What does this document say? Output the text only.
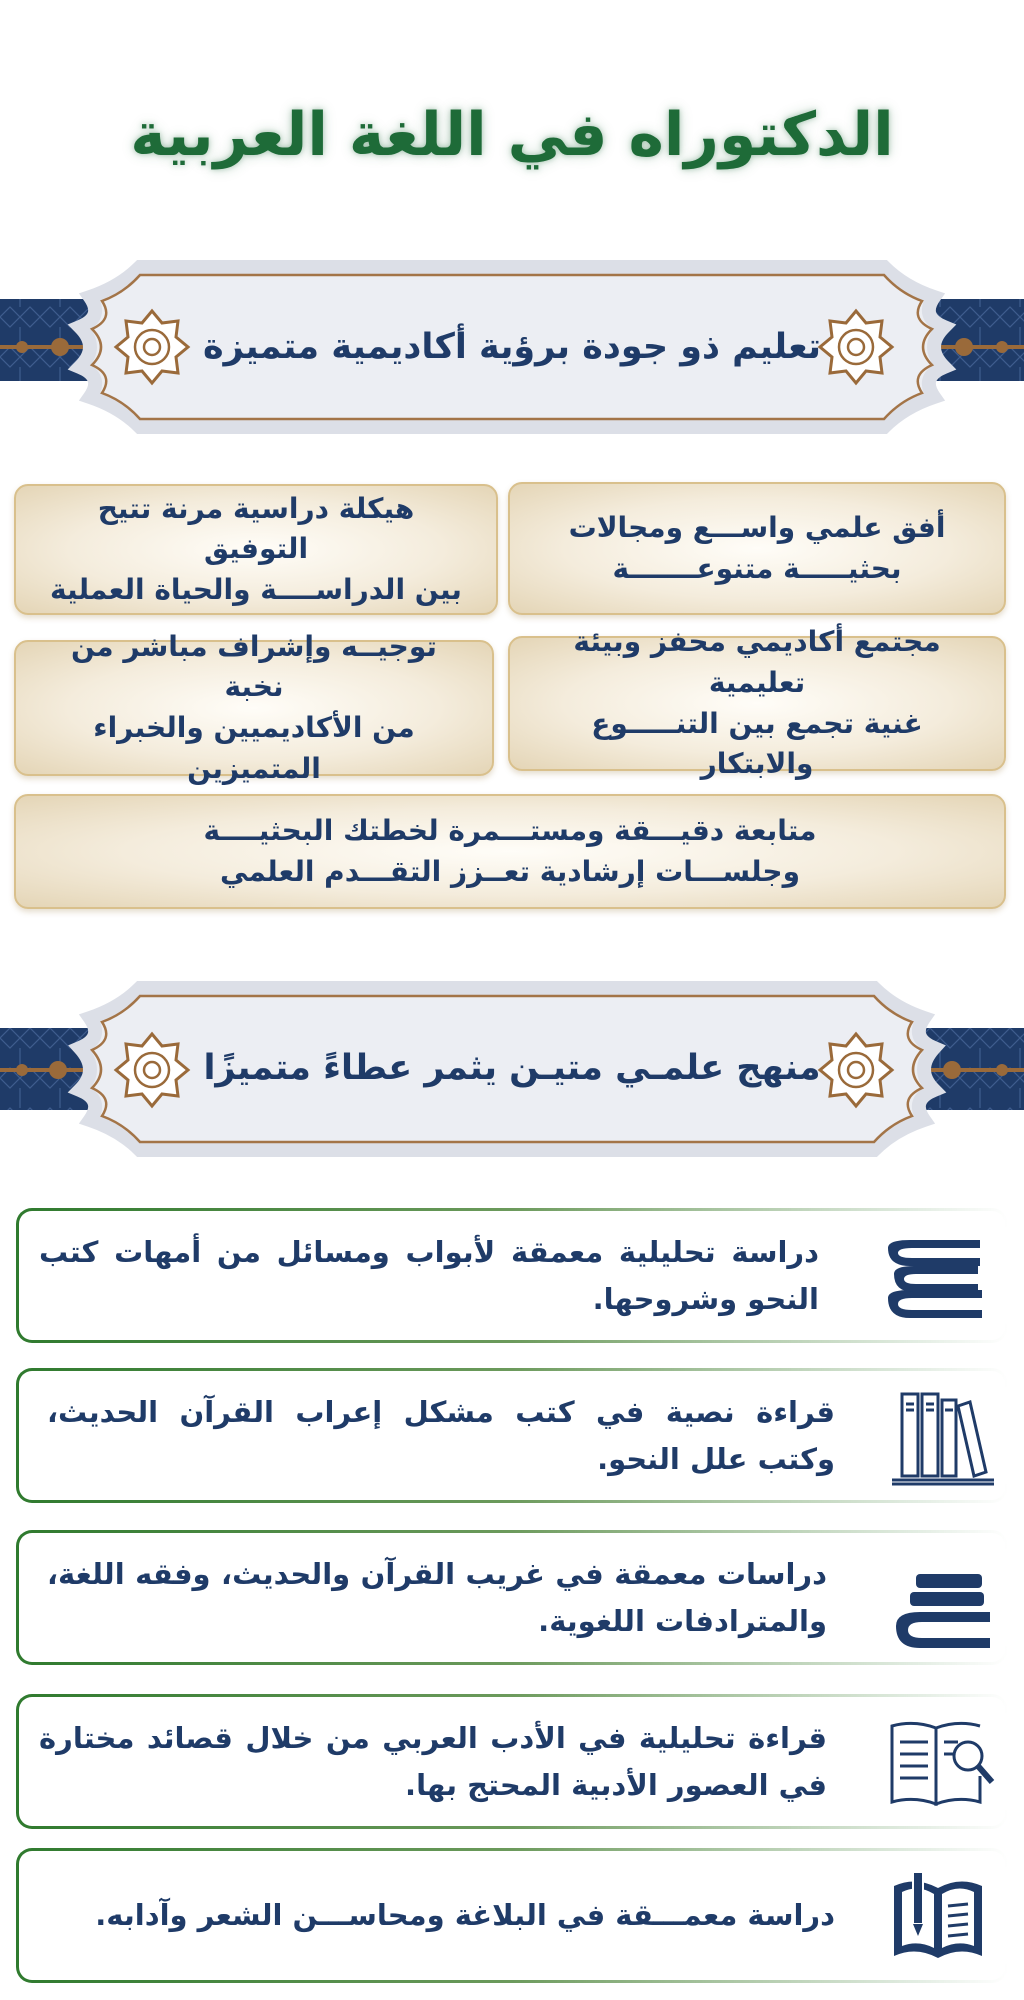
الدكتوراه في اللغة العربية
تعليم ذو جودة برؤية أكاديمية متميزة
أفق علمي واســـع ومجالات
بحثيـــــة متنوعـــــــة
هيكلة دراسية مرنة تتيح التوفيق
بين الدراســــة والحياة العملية
مجتمع أكاديمي محفز وبيئة تعليمية
غنية تجمع بين التنـــــوع والابتكار
توجيــه وإشراف مباشر من نخبة
من الأكاديميين والخبراء المتميزين
متابعة دقيـــقة ومستـــمرة لخطتك البحثيــــة
وجلســـات إرشادية تعــزز التقـــدم العلمي
منهج علمـي متيـن يثمر عطاءً متميزًا
دراسة تحليلية معمقة لأبواب ومسائل من أمهات كتب النحو وشروحها.
قراءة نصية في كتب مشكل إعراب القرآن الحديث، وكتب علل النحو.
دراسات معمقة في غريب القرآن والحديث، وفقه اللغة، والمترادفات اللغوية.
قراءة تحليلية في الأدب العربي من خلال قصائد مختارة في العصور الأدبية المحتج بها.
دراسة معمـــقة في البلاغة ومحاســـن الشعر وآدابه.
